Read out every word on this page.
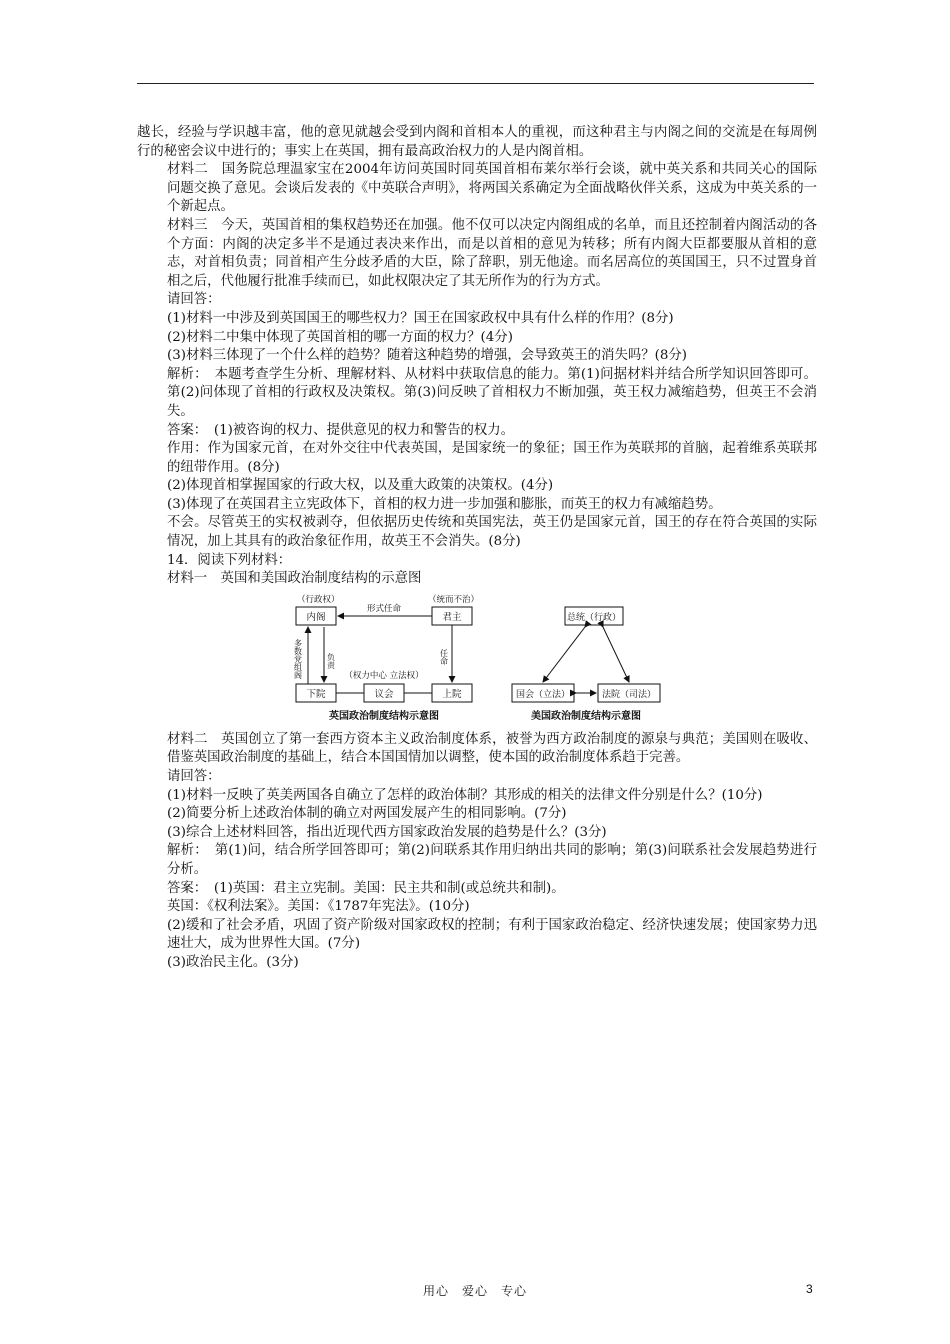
越长，经验与学识越丰富，他的意见就越会受到内阁和首相本人的重视，而这种君主与内阁之间的交流是在每周例行的秘密会议中进行的；事实上在英国，拥有最高政治权力的人是内阁首相。

材料二　国务院总理温家宝在2004年访问英国时同英国首相布莱尔举行会谈，就中英关系和共同关心的国际问题交换了意见。会谈后发表的《中英联合声明》，将两国关系确定为全面战略伙伴关系，这成为中英关系的一个新起点。

材料三　今天，英国首相的集权趋势还在加强。他不仅可以决定内阁组成的名单，而且还控制着内阁活动的各个方面：内阁的决定多半不是通过表决来作出，而是以首相的意见为转移；所有内阁大臣都要服从首相的意志，对首相负责；同首相产生分歧矛盾的大臣，除了辞职，别无他途。而名居高位的英国国王，只不过置身首相之后，代他履行批准手续而已，如此权限决定了其无所作为的行为方式。

请回答：

(1)材料一中涉及到英国国王的哪些权力？国王在国家政权中具有什么样的作用？(8分)

(2)材料二中集中体现了英国首相的哪一方面的权力？(4分)

(3)材料三体现了一个什么样的趋势？随着这种趋势的增强，会导致英王的消失吗？(8分)

解析：　本题考查学生分析、理解材料、从材料中获取信息的能力。第(1)问据材料并结合所学知识回答即可。第(2)问体现了首相的行政权及决策权。第(3)问反映了首相权力不断加强，英王权力减缩趋势，但英王不会消失。

答案：　(1)被咨询的权力、提供意见的权力和警告的权力。

作用：作为国家元首，在对外交往中代表英国，是国家统一的象征；国王作为英联邦的首脑，起着维系英联邦的纽带作用。(8分)

(2)体现首相掌握国家的行政大权，以及重大政策的决策权。(4分)

(3)体现了在英国君主立宪政体下，首相的权力进一步加强和膨胀，而英王的权力有减缩趋势。

不会。尽管英王的实权被剥夺，但依据历史传统和英国宪法，英王仍是国家元首，国王的存在符合英国的实际情况，加上其具有的政治象征作用，故英王不会消失。(8分)

14．阅读下列材料：

材料一　英国和美国政治制度结构的示意图

（行政权）	（统而不治）
内阁	君主
形式任命
下院	议会	上院
（权力中心 立法权）
多数党组阁	负责	任命
英国政治制度结构示意图
总统（行政）
国会（立法）	法院（司法）
美国政治制度结构示意图

材料二　英国创立了第一套西方资本主义政治制度体系，被誉为西方政治制度的源泉与典范；美国则在吸收、借鉴英国政治制度的基础上，结合本国国情加以调整，使本国的政治制度体系趋于完善。

请回答：

(1)材料一反映了英美两国各自确立了怎样的政治体制？其形成的相关的法律文件分别是什么？(10分)

(2)简要分析上述政治体制的确立对两国发展产生的相同影响。(7分)

(3)综合上述材料回答，指出近现代西方国家政治发展的趋势是什么？(3分)

解析：　第(1)问，结合所学回答即可；第(2)问联系其作用归纳出共同的影响；第(3)问联系社会发展趋势进行分析。

答案：　(1)英国：君主立宪制。美国：民主共和制(或总统共和制)。

英国：《权利法案》。美国：《1787年宪法》。(10分)

(2)缓和了社会矛盾，巩固了资产阶级对国家政权的控制；有利于国家政治稳定、经济快速发展；使国家势力迅速壮大，成为世界性大国。(7分)

(3)政治民主化。(3分)

用心　爱心　专心	3
